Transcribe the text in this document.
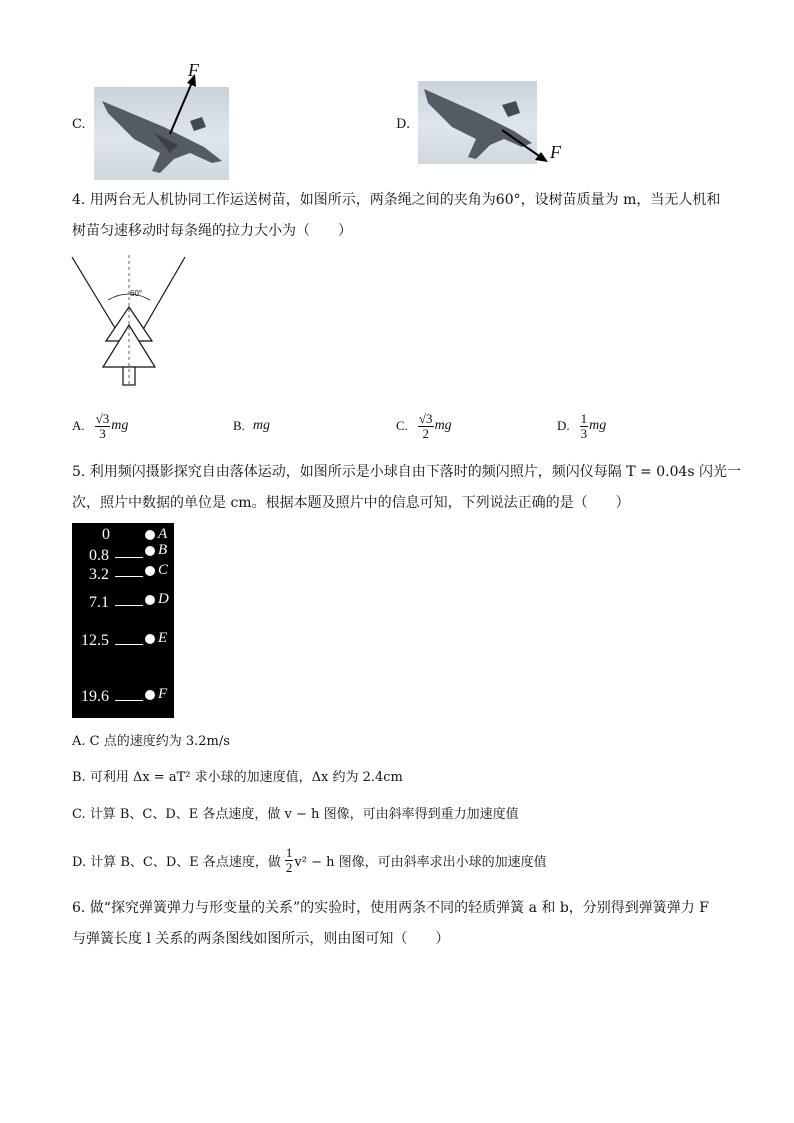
C.
F
D.
F
4. 用两台无人机协同工作运送树苗，如图所示，两条绳之间的夹角为60°，设树苗质量为 m，当无人机和
树苗匀速移动时每条绳的拉力大小为（　　）
60°
A. $\frac{√3}{3}$ mg	B. mg	C. $\frac{√3}{2}$ mg	D. $\frac{1}{3}$ mg
5. 利用频闪摄影探究自由落体运动，如图所示是小球自由下落时的频闪照片，频闪仪每隔 T = 0.04s 闪光一
次，照片中数据的单位是 cm。根据本题及照片中的信息可知，下列说法正确的是（　　）
0	A
0.8	B
3.2	C
7.1	D
12.5	E
19.6	F
A. C 点的速度约为 3.2m/s
B. 可利用 Δx = aT² 求小球的加速度值，Δx 约为 2.4cm
C. 计算 B、C、D、E 各点速度，做 v − h 图像，可由斜率得到重力加速度值
D. 计算 B、C、D、E 各点速度，做 $\frac{1}{2} v^2 - h$ 图像，可由斜率求出小球的加速度值
6. 做“探究弹簧弹力与形变量的关系”的实验时，使用两条不同的轻质弹簧 a 和 b，分别得到弹簧弹力 F
与弹簧长度 l 关系的两条图线如图所示，则由图可知（　　）
